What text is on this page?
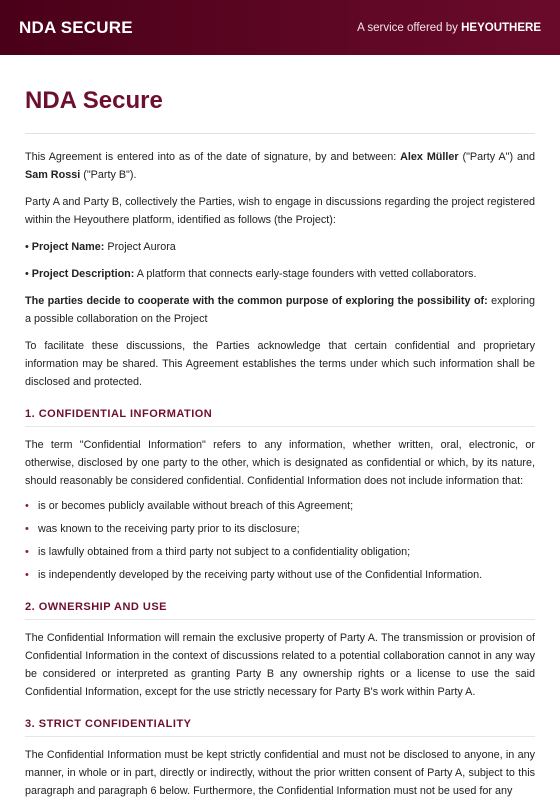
NDA SECURE	A service offered by HEYOUTHERE
NDA Secure

This Agreement is entered into as of the date of signature, by and between: Alex Müller ("Party A") and Sam Rossi ("Party B").

Party A and Party B, collectively the Parties, wish to engage in discussions regarding the project registered within the Heyouthere platform, identified as follows (the Project):

• Project Name: Project Aurora

• Project Description: A platform that connects early-stage founders with vetted collaborators.

The parties decide to cooperate with the common purpose of exploring the possibility of: exploring a possible collaboration on the Project

To facilitate these discussions, the Parties acknowledge that certain confidential and proprietary information may be shared. This Agreement establishes the terms under which such information shall be disclosed and protected.

1. CONFIDENTIAL INFORMATION

The term "Confidential Information" refers to any information, whether written, oral, electronic, or otherwise, disclosed by one party to the other, which is designated as confidential or which, by its nature, should reasonably be considered confidential. Confidential Information does not include information that:

• is or becomes publicly available without breach of this Agreement;
• was known to the receiving party prior to its disclosure;
• is lawfully obtained from a third party not subject to a confidentiality obligation;
• is independently developed by the receiving party without use of the Confidential Information.
2. OWNERSHIP AND USE

The Confidential Information will remain the exclusive property of Party A. The transmission or provision of Confidential Information in the context of discussions related to a potential collaboration cannot in any way be considered or interpreted as granting Party B any ownership rights or a license to use the said Confidential Information, except for the use strictly necessary for Party B's work within Party A.

3. STRICT CONFIDENTIALITY

The Confidential Information must be kept strictly confidential and must not be disclosed to anyone, in any manner, in whole or in part, directly or indirectly, without the prior written consent of Party A, subject to this paragraph and paragraph 6 below. Furthermore, the Confidential Information must not be used for any
